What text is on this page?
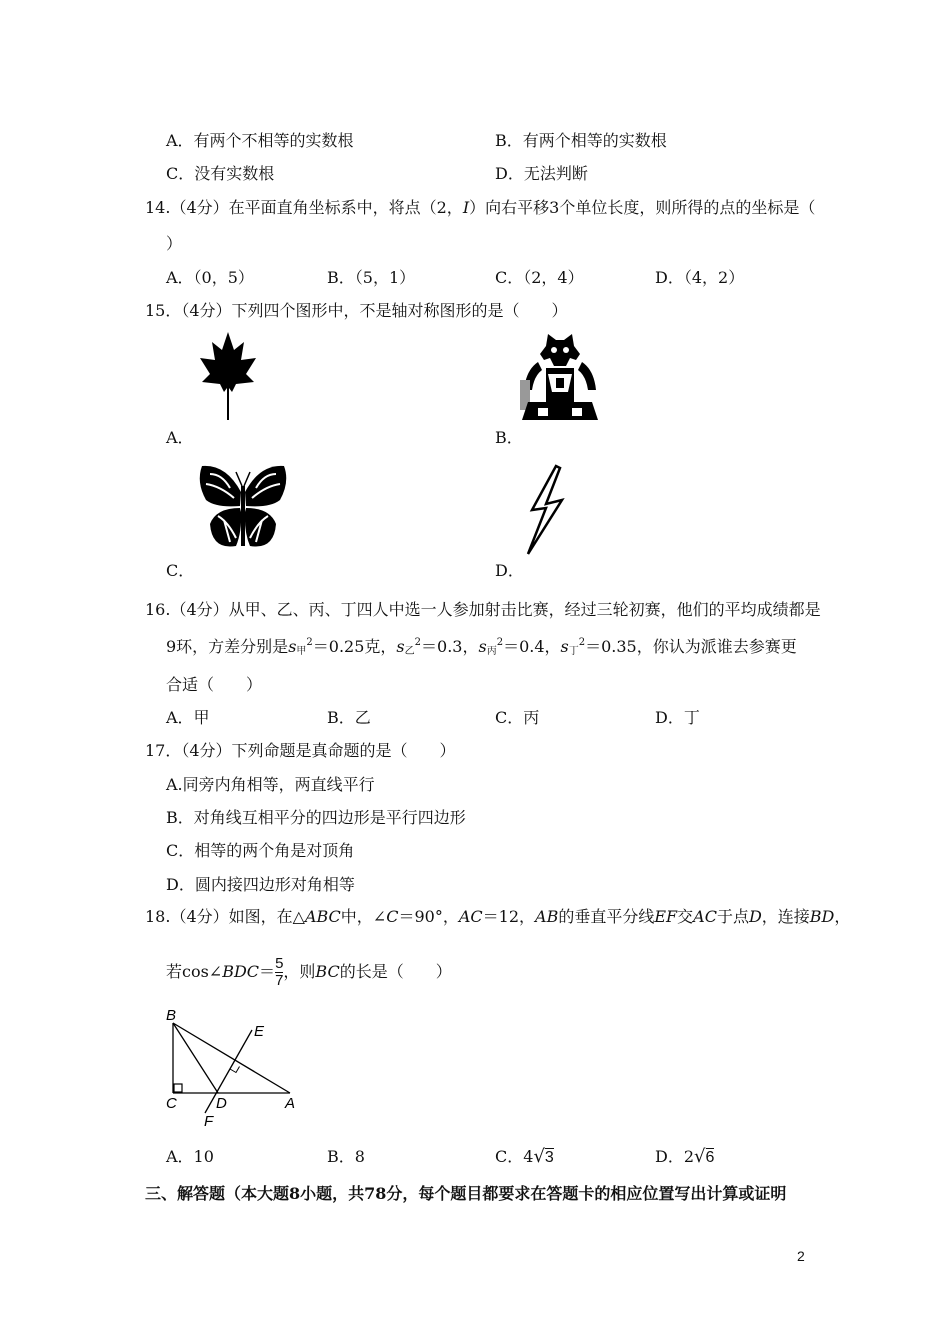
A．有两个不相等的实数根	B．有两个相等的实数根
C．没有实数根	D．无法判断
14.（4分）在平面直角坐标系中，将点（2，I）向右平移3个单位长度，则所得的点的坐标是（
）
A．（0，5）	B．（5，1）	C．（2，4）	D．（4，2）
15．（4分）下列四个图形中，不是轴对称图形的是（　　）
A．	B．
C．	D．
16.（4分）从甲、乙、丙、丁四人中选一人参加射击比赛，经过三轮初赛，他们的平均成绩都是
9环，方差分别是$s_甲^2=0.25$克，$s_乙^2=0.3$，$s_丙^2=0.4$，$s_丁^2=0.35$，你认为派谁去参赛更
合适（　　）
A．甲	B．乙	C．丙	D．丁
17．（4分）下列命题是真命题的是（　　）
A.同旁内角相等，两直线平行
B．对角线互相平分的四边形是平行四边形
C．相等的两个角是对顶角
D．圆内接四边形对角相等
18.（4分）如图，在△ABC中，∠C＝90°，AC＝12，AB的垂直平分线EF交AC于点D，连接BD，
若cos∠BDC＝ $\frac{5}{7}$ ，则BC的长是（　　）
B
E
C	D	A
F
A．10	B．8	C．4√3	D．2√6
三、解答题（本大题8小题，共78分，每个题目都要求在答题卡的相应位置写出计算或证明
2
